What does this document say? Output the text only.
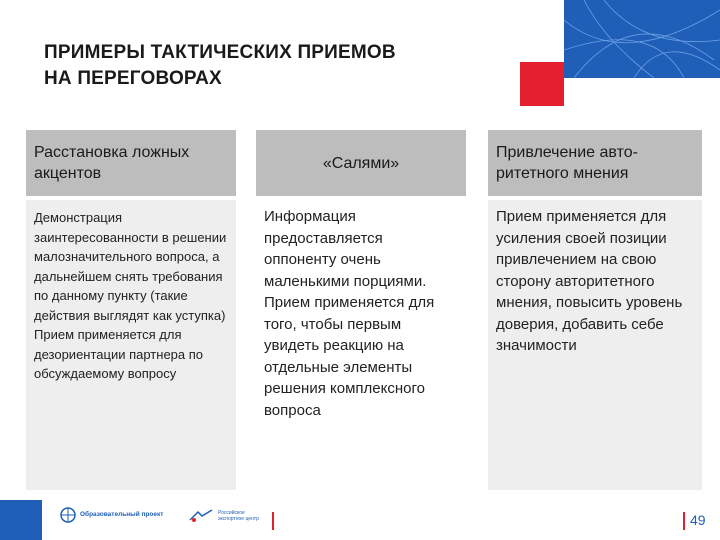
ПРИМЕРЫ ТАКТИЧЕСКИХ ПРИЕМОВ
НА ПЕРЕГОВОРАХ
Расстановка ложных акцентов
Демонстрация заинтересованности в решении малозначительного вопроса, а дальнейшем снять требования по данному пункту (такие действия выглядят как уступка) Прием применяется для дезориентации партнера по обсуждаемому вопросу
«Салями»
Информация предоставляется оппоненту очень маленькими порциями. Прием применяется для того, чтобы первым увидеть реакцию на отдельные элементы решения комплексного вопроса
Привлечение авто-ритетного мнения
Прием применяется для усиления своей позиции привлечением на свою сторону авторитетного мнения, повысить уровень доверия, добавить себе значимости
Образовательный проект	Российское экспортное центр	49
